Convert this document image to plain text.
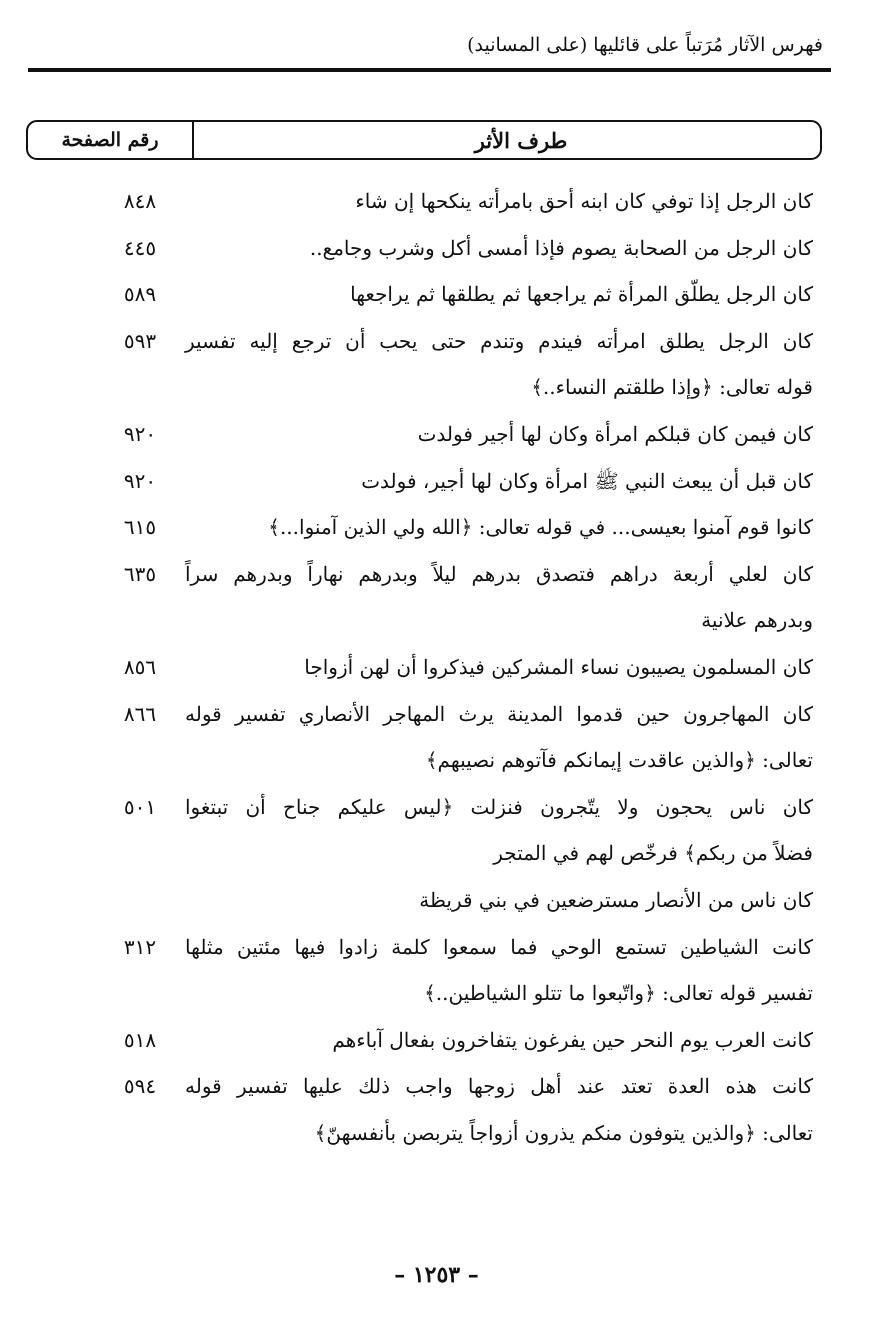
فهرس الآثار مُرَتباً على قائليها (على المسانيد)
طرف الأثر
رقم الصفحة
كان الرجل إذا توفي كان ابنه أحق بامرأته ينكحها إن شاء
٨٤٨
كان الرجل من الصحابة يصوم فإذا أمسى أكل وشرب وجامع..
٤٤٥
كان الرجل يطلّق المرأة ثم يراجعها ثم يطلقها ثم يراجعها
٥٨٩
كان الرجل يطلق امرأته فيندم وتندم حتى يحب أن ترجع إليه تفسير
٥٩٣
قوله تعالى: ﴿وإذا طلقتم النساء..﴾
كان فيمن كان قبلكم امرأة وكان لها أجير فولدت
٩٢٠
كان قبل أن يبعث النبي ﷺ امرأة وكان لها أجير، فولدت
٩٢٠
كانوا قوم آمنوا بعيسى... في قوله تعالى: ﴿الله ولي الذين آمنوا...﴾
٦١٥
كان لعلي أربعة دراهم فتصدق بدرهم ليلاً وبدرهم نهاراً وبدرهم سراً
٦٣٥
وبدرهم علانية
كان المسلمون يصيبون نساء المشركين فيذكروا أن لهن أزواجا
٨٥٦
كان المهاجرون حين قدموا المدينة يرث المهاجر الأنصاري تفسير قوله
٨٦٦
تعالى: ﴿والذين عاقدت إيمانكم فآتوهم نصيبهم﴾
كان ناس يحجون ولا يتّجرون فنزلت ﴿ليس عليكم جناح أن تبتغوا
٥٠١
فضلاً من ربكم﴾ فرخّص لهم في المتجر
كان ناس من الأنصار مسترضعين في بني قريظة
كانت الشياطين تستمع الوحي فما سمعوا كلمة زادوا فيها مئتين مثلها
٣١٢
تفسير قوله تعالى: ﴿واتّبعوا ما تتلو الشياطين..﴾
كانت العرب يوم النحر حين يفرغون يتفاخرون بفعال آباءهم
٥١٨
كانت هذه العدة تعتد عند أهل زوجها واجب ذلك عليها تفسير قوله
٥٩٤
تعالى: ﴿والذين يتوفون منكم يذرون أزواجاً يتربصن بأنفسهنّ﴾
– ١٢٥٣ –
